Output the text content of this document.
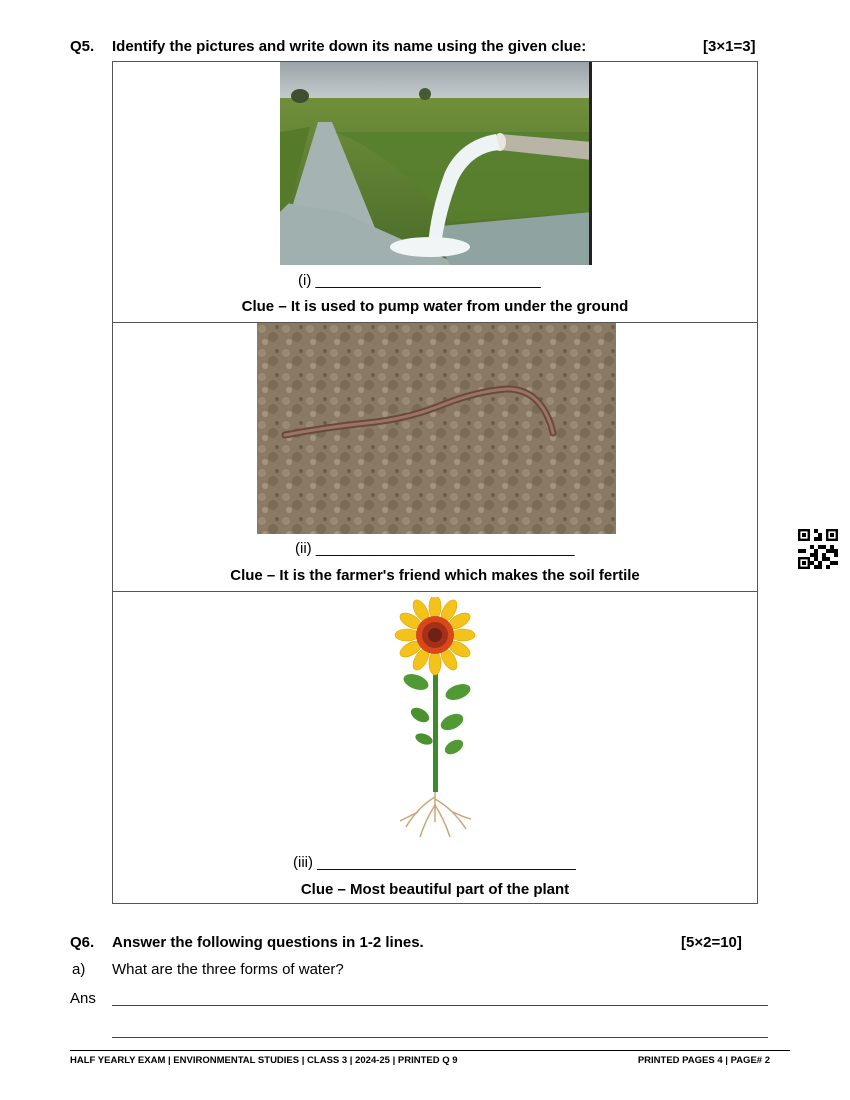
Q5. Identify the pictures and write down its name using the given clue:	[3×1=3]
(i) ___________________________
Clue – It is used to pump water from under the ground
(ii) _______________________________
Clue – It is the farmer's friend which makes the soil fertile
(iii) _______________________________
Clue – Most beautiful part of the plant
Q6. Answer the following questions in 1-2 lines.	[5×2=10]
a) What are the three forms of water?
Ans
HALF YEARLY EXAM | ENVIRONMENTAL STUDIES | CLASS 3 | 2024-25 | PRINTED Q 9	PRINTED PAGES 4 | PAGE# 2
